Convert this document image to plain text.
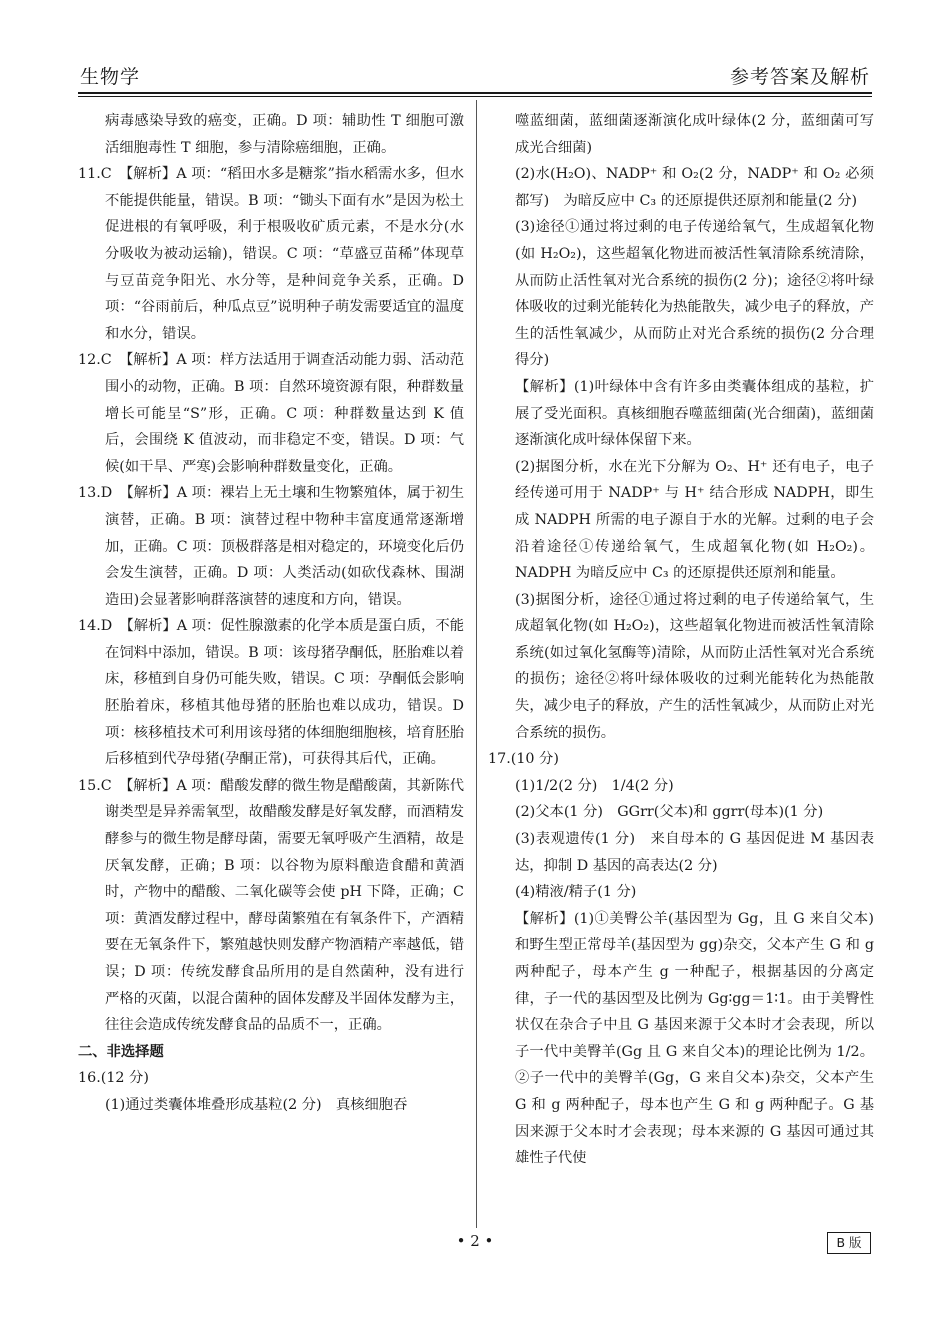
生物学	参考答案及解析

病毒感染导致的癌变，正确。D 项：辅助性 T 细胞可激活细胞毒性 T 细胞，参与清除癌细胞，正确。

11.C　【解析】A 项：“稻田水多是糖浆”指水稻需水多，但水不能提供能量，错误。B 项：“锄头下面有水”是因为松土促进根的有氧呼吸，利于根吸收矿质元素，不是水分(水分吸收为被动运输)，错误。C 项：“草盛豆苗稀”体现草与豆苗竞争阳光、水分等，是种间竞争关系，正确。D 项：“谷雨前后，种瓜点豆”说明种子萌发需要适宜的温度和水分，错误。

12.C　【解析】A 项：样方法适用于调查活动能力弱、活动范围小的动物，正确。B 项：自然环境资源有限，种群数量增长可能呈“S”形，正确。C 项：种群数量达到 K 值后，会围绕 K 值波动，而非稳定不变，错误。D 项：气候(如干旱、严寒)会影响种群数量变化，正确。

13.D　【解析】A 项：裸岩上无土壤和生物繁殖体，属于初生演替，正确。B 项：演替过程中物种丰富度通常逐渐增加，正确。C 项：顶极群落是相对稳定的，环境变化后仍会发生演替，正确。D 项：人类活动(如砍伐森林、围湖造田)会显著影响群落演替的速度和方向，错误。

14.D　【解析】A 项：促性腺激素的化学本质是蛋白质，不能在饲料中添加，错误。B 项：该母猪孕酮低，胚胎难以着床，移植到自身仍可能失败，错误。C 项：孕酮低会影响胚胎着床，移植其他母猪的胚胎也难以成功，错误。D 项：核移植技术可利用该母猪的体细胞细胞核，培育胚胎后移植到代孕母猪(孕酮正常)，可获得其后代，正确。

15.C　【解析】A 项：醋酸发酵的微生物是醋酸菌，其新陈代谢类型是异养需氧型，故醋酸发酵是好氧发酵，而酒精发酵参与的微生物是酵母菌，需要无氧呼吸产生酒精，故是厌氧发酵，正确；B 项：以谷物为原料酿造食醋和黄酒时，产物中的醋酸、二氧化碳等会使 pH 下降，正确；C 项：黄酒发酵过程中，酵母菌繁殖在有氧条件下，产酒精要在无氧条件下，繁殖越快则发酵产物酒精产率越低，错误；D 项：传统发酵食品所用的是自然菌种，没有进行严格的灭菌，以混合菌种的固体发酵及半固体发酵为主，往往会造成传统发酵食品的品质不一，正确。

二、非选择题

16.(12 分)

(1)通过类囊体堆叠形成基粒(2 分)　真核细胞吞

噬蓝细菌，蓝细菌逐渐演化成叶绿体(2 分，蓝细菌可写成光合细菌)

(2)水(H₂O)、NADP⁺ 和 O₂(2 分，NADP⁺ 和 O₂ 必须都写)　为暗反应中 C₃ 的还原提供还原剂和能量(2 分)

(3)途径①通过将过剩的电子传递给氧气，生成超氧化物(如 H₂O₂)，这些超氧化物进而被活性氧清除系统清除，从而防止活性氧对光合系统的损伤(2 分)；途径②将叶绿体吸收的过剩光能转化为热能散失，减少电子的释放，产生的活性氧减少，从而防止对光合系统的损伤(2 分合理得分)

【解析】(1)叶绿体中含有许多由类囊体组成的基粒，扩展了受光面积。真核细胞吞噬蓝细菌(光合细菌)，蓝细菌逐渐演化成叶绿体保留下来。

(2)据图分析，水在光下分解为 O₂、H⁺ 还有电子，电子经传递可用于 NADP⁺ 与 H⁺ 结合形成 NADPH，即生成 NADPH 所需的电子源自于水的光解。过剩的电子会沿着途径①传递给氧气，生成超氧化物(如 H₂O₂)。NADPH 为暗反应中 C₃ 的还原提供还原剂和能量。

(3)据图分析，途径①通过将过剩的电子传递给氧气，生成超氧化物(如 H₂O₂)，这些超氧化物进而被活性氧清除系统(如过氧化氢酶等)清除，从而防止活性氧对光合系统的损伤；途径②将叶绿体吸收的过剩光能转化为热能散失，减少电子的释放，产生的活性氧减少，从而防止对光合系统的损伤。

17.(10 分)

(1)1/2(2 分)　1/4(2 分)

(2)父本(1 分)　GGrr(父本)和 ggrr(母本)(1 分)

(3)表观遗传(1 分)　来自母本的 G 基因促进 M 基因表达，抑制 D 基因的高表达(2 分)

(4)精液/精子(1 分)

【解析】(1)①美臀公羊(基因型为 Gg，且 G 来自父本)和野生型正常母羊(基因型为 gg)杂交，父本产生 G 和 g 两种配子，母本产生 g 一种配子，根据基因的分离定律，子一代的基因型及比例为 Gg∶gg＝1∶1。由于美臀性状仅在杂合子中且 G 基因来源于父本时才会表现，所以子一代中美臀羊(Gg 且 G 来自父本)的理论比例为 1/2。②子一代中的美臀羊(Gg，G 来自父本)杂交，父本产生 G 和 g 两种配子，母本也产生 G 和 g 两种配子。G 基因来源于父本时才会表现；母本来源的 G 基因可通过其雄性子代使

• 2 •	B 版
